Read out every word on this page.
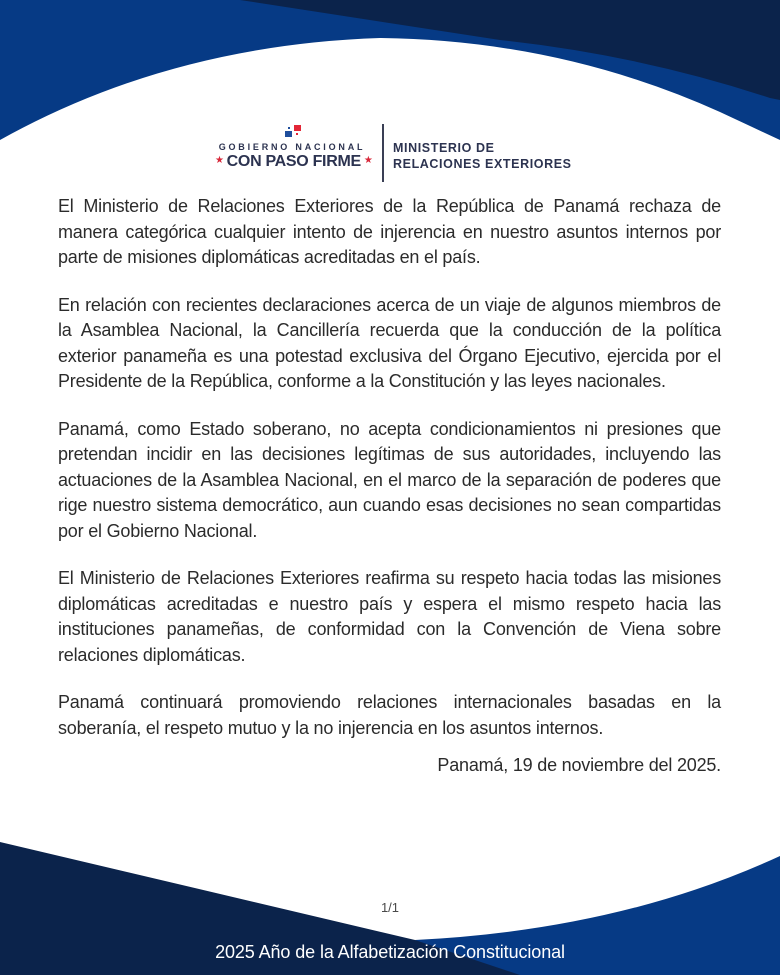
GOBIERNO NACIONAL
★ CON PASO FIRME ★
MINISTERIO DE
RELACIONES EXTERIORES

El Ministerio de Relaciones Exteriores de la República de Panamá rechaza de manera categórica cualquier intento de injerencia en nuestro asuntos internos por parte de misiones diplomáticas acreditadas en el país.

En relación con recientes declaraciones acerca de un viaje de algunos miembros de la Asamblea Nacional, la Cancillería recuerda que la conducción de la política exterior panameña es una potestad exclusiva del Órgano Ejecutivo, ejercida por el Presidente de la República, conforme a la Constitución y las leyes nacionales.

Panamá, como Estado soberano, no acepta condicionamientos ni presiones que pretendan incidir en las decisiones legítimas de sus autoridades, incluyendo las actuaciones de la Asamblea Nacional, en el marco de la separación de poderes que rige nuestro sistema democrático, aun cuando esas decisiones no sean compartidas por el Gobierno Nacional.

El Ministerio de Relaciones Exteriores reafirma su respeto hacia todas las misiones diplomáticas acreditadas e nuestro país y espera el mismo respeto hacia las instituciones panameñas, de conformidad con la Convención de Viena sobre relaciones diplomáticas.

Panamá continuará promoviendo relaciones internacionales basadas en la soberanía, el respeto mutuo y la no injerencia en los asuntos internos.

Panamá, 19 de noviembre del 2025.

1/1
2025 Año de la Alfabetización Constitucional
